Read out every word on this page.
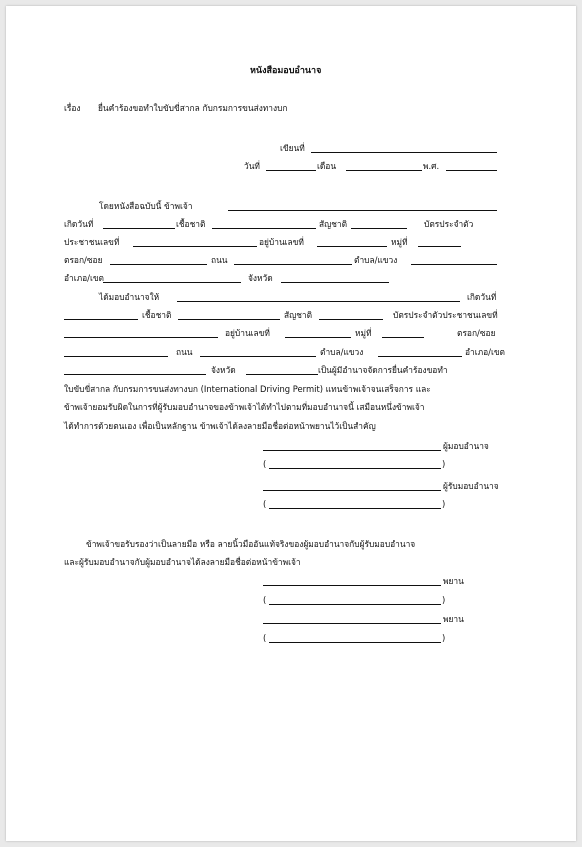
หนังสือมอบอำนาจ
เรื่อง ยื่นคำร้องขอทำใบขับขี่สากล กับกรมการขนส่งทางบก
เขียนที่
วันที่	เดือน	พ.ศ.
โดยหนังสือฉบับนี้ ข้าพเจ้า
เกิดวันที่	เชื้อชาติ	สัญชาติ	บัตรประจำตัว
ประชาชนเลขที่	อยู่บ้านเลขที่	หมู่ที่
ตรอก/ซอย	ถนน	ตำบล/แขวง
อำเภอ/เขต	จังหวัด
ได้มอบอำนาจให้	เกิดวันที่
เชื้อชาติ	สัญชาติ	บัตรประจำตัวประชาชนเลขที่
อยู่บ้านเลขที่	หมู่ที่	ตรอก/ซอย
ถนน	ตำบล/แขวง	อำเภอ/เขต
จังหวัด	เป็นผู้มีอำนาจจัดการยื่นคำร้องขอทำ
ใบขับขี่สากล กับกรมการขนส่งทางบก (International Driving Permit) แทนข้าพเจ้าจนเสร็จการ และ
ข้าพเจ้ายอมรับผิดในการที่ผู้รับมอบอำนาจของข้าพเจ้าได้ทำไปตามที่มอบอำนาจนี้ เสมือนหนึ่งข้าพเจ้า
ได้ทำการด้วยตนเอง เพื่อเป็นหลักฐาน ข้าพเจ้าได้ลงลายมือชื่อต่อหน้าพยานไว้เป็นสำคัญ
ผู้มอบอำนาจ
(	)
ผู้รับมอบอำนาจ
(	)
ข้าพเจ้าขอรับรองว่าเป็นลายมือ หรือ ลายนิ้วมืออันแท้จริงของผู้มอบอำนาจกับผู้รับมอบอำนาจ
และผู้รับมอบอำนาจกับผู้มอบอำนาจได้ลงลายมือชื่อต่อหน้าข้าพเจ้า
พยาน
(	)
พยาน
(	)
